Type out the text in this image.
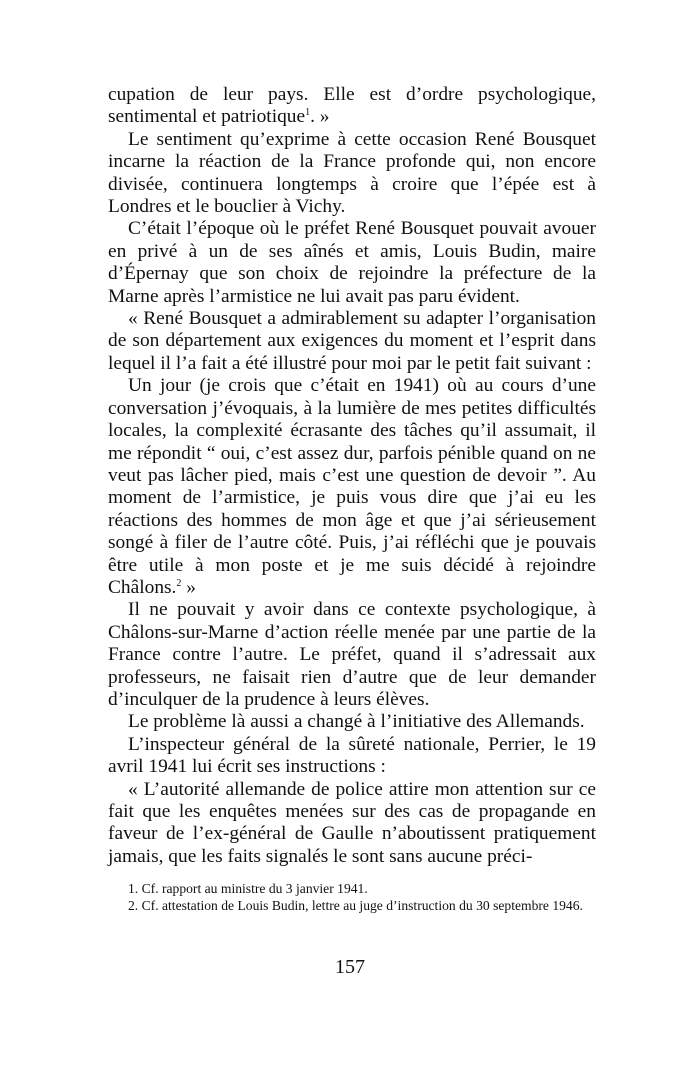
cupation de leur pays. Elle est d’ordre psychologique, sentimental et patriotique$^1$. »

Le sentiment qu’exprime à cette occasion René Bousquet incarne la réaction de la France profonde qui, non encore divisée, continuera longtemps à croire que l’épée est à Londres et le bouclier à Vichy.

C’était l’époque où le préfet René Bousquet pouvait avouer en privé à un de ses aînés et amis, Louis Budin, maire d’Épernay que son choix de rejoindre la préfecture de la Marne après l’armistice ne lui avait pas paru évident.

« René Bousquet a admirablement su adapter l’organisation de son département aux exigences du moment et l’esprit dans lequel il l’a fait a été illustré pour moi par le petit fait suivant :

Un jour (je crois que c’était en 1941) où au cours d’une conversation j’évoquais, à la lumière de mes petites difficultés locales, la complexité écrasante des tâches qu’il assumait, il me répondit “ oui, c’est assez dur, parfois pénible quand on ne veut pas lâcher pied, mais c’est une question de devoir ”. Au moment de l’armistice, je puis vous dire que j’ai eu les réactions des hommes de mon âge et que j’ai sérieusement songé à filer de l’autre côté. Puis, j’ai réfléchi que je pouvais être utile à mon poste et je me suis décidé à rejoindre Châlons.$^2$ »

Il ne pouvait y avoir dans ce contexte psychologique, à Châlons-sur-Marne d’action réelle menée par une partie de la France contre l’autre. Le préfet, quand il s’adressait aux professeurs, ne faisait rien d’autre que de leur demander d’inculquer de la prudence à leurs élèves.

Le problème là aussi a changé à l’initiative des Allemands.

L’inspecteur général de la sûreté nationale, Perrier, le 19 avril 1941 lui écrit ses instructions :

« L’autorité allemande de police attire mon attention sur ce fait que les enquêtes menées sur des cas de propagande en faveur de l’ex-général de Gaulle n’aboutissent pratiquement jamais, que les faits signalés le sont sans aucune préci-

1. Cf. rapport au ministre du 3 janvier 1941.

2. Cf. attestation de Louis Budin, lettre au juge d’instruction du 30 septembre 1946.

157
